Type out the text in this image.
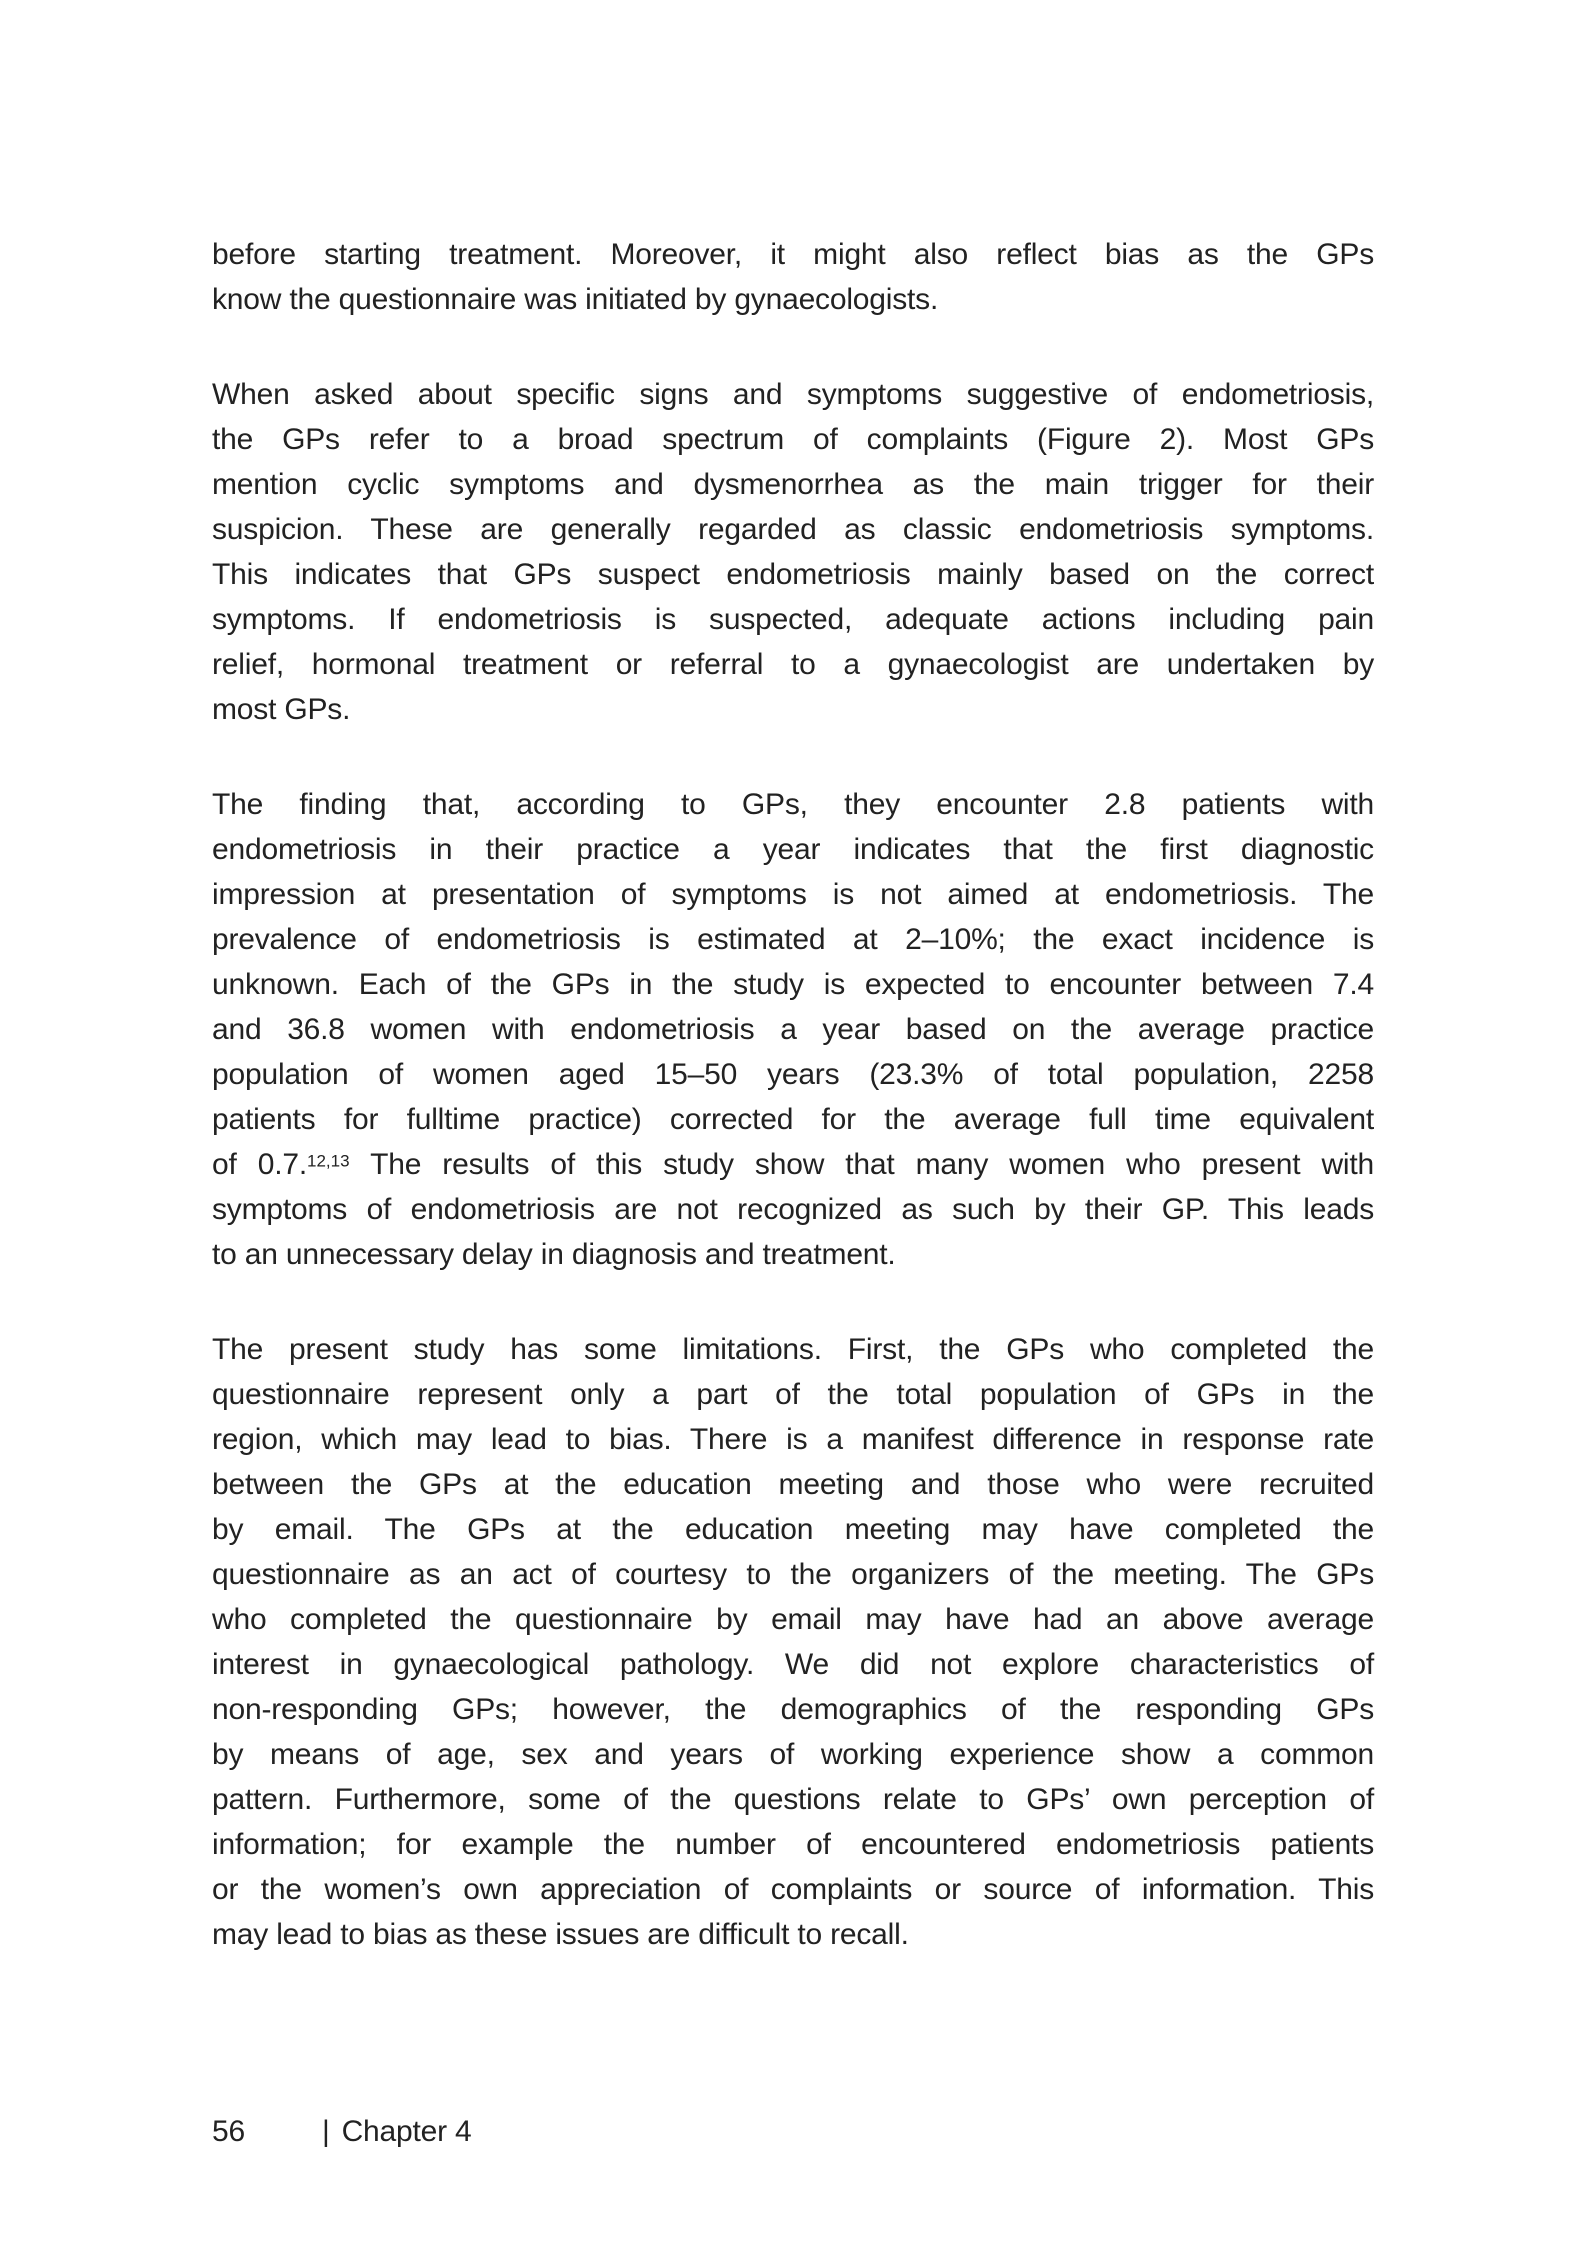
before starting treatment. Moreover, it might also reflect bias as the GPs
know the questionnaire was initiated by gynaecologists.
When asked about specific signs and symptoms suggestive of endometriosis,
the GPs refer to a broad spectrum of complaints (Figure 2). Most GPs
mention cyclic symptoms and dysmenorrhea as the main trigger for their
suspicion. These are generally regarded as classic endometriosis symptoms.
This indicates that GPs suspect endometriosis mainly based on the correct
symptoms. If endometriosis is suspected, adequate actions including pain
relief, hormonal treatment or referral to a gynaecologist are undertaken by
most GPs.
The finding that, according to GPs, they encounter 2.8 patients with
endometriosis in their practice a year indicates that the first diagnostic
impression at presentation of symptoms is not aimed at endometriosis. The
prevalence of endometriosis is estimated at 2–10%; the exact incidence is
unknown. Each of the GPs in the study is expected to encounter between 7.4
and 36.8 women with endometriosis a year based on the average practice
population of women aged 15–50 years (23.3% of total population, 2258
patients for fulltime practice) corrected for the average full time equivalent
of 0.7.$^{12,13}$ The results of this study show that many women who present with
symptoms of endometriosis are not recognized as such by their GP. This leads
to an unnecessary delay in diagnosis and treatment.
The present study has some limitations. First, the GPs who completed the
questionnaire represent only a part of the total population of GPs in the
region, which may lead to bias. There is a manifest difference in response rate
between the GPs at the education meeting and those who were recruited
by email. The GPs at the education meeting may have completed the
questionnaire as an act of courtesy to the organizers of the meeting. The GPs
who completed the questionnaire by email may have had an above average
interest in gynaecological pathology. We did not explore characteristics of
non-responding GPs; however, the demographics of the responding GPs
by means of age, sex and years of working experience show a common
pattern. Furthermore, some of the questions relate to GPs’ own perception of
information; for example the number of encountered endometriosis patients
or the women’s own appreciation of complaints or source of information. This
may lead to bias as these issues are difficult to recall.
56	| Chapter 4
